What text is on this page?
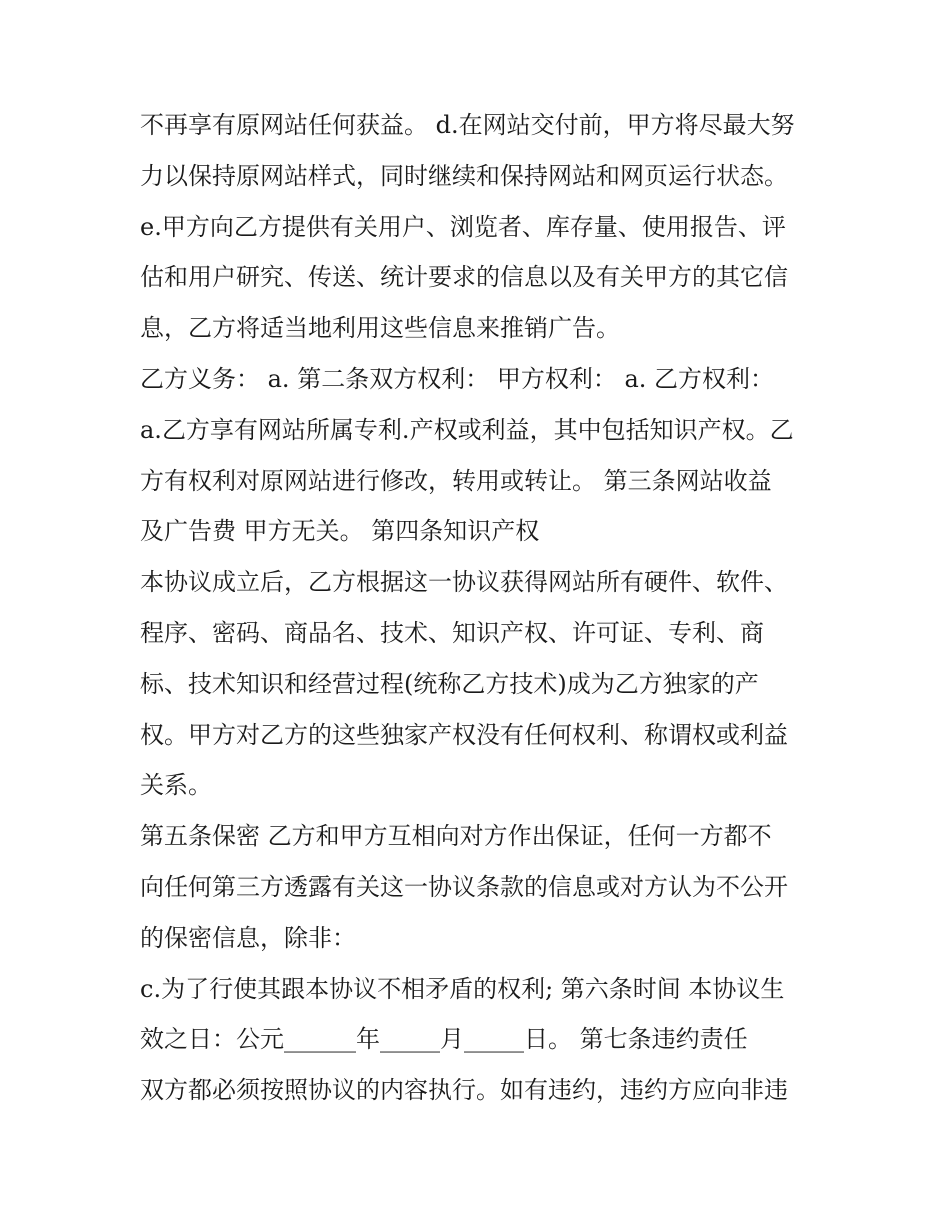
不再享有原网站任何获益。 d.在网站交付前，甲方将尽最大努
力以保持原网站样式，同时继续和保持网站和网页运行状态。
e.甲方向乙方提供有关用户、浏览者、库存量、使用报告、评
估和用户研究、传送、统计要求的信息以及有关甲方的其它信
息，乙方将适当地利用这些信息来推销广告。
乙方义务： a. 第二条双方权利： 甲方权利： a. 乙方权利：
a.乙方享有网站所属专利.产权或利益，其中包括知识产权。乙
方有权利对原网站进行修改，转用或转让。 第三条网站收益
及广告费 甲方无关。 第四条知识产权
本协议成立后，乙方根据这一协议获得网站所有硬件、软件、
程序、密码、商品名、技术、知识产权、许可证、专利、商
标、技术知识和经营过程(统称乙方技术)成为乙方独家的产
权。甲方对乙方的这些独家产权没有任何权利、称谓权或利益
关系。
第五条保密 乙方和甲方互相向对方作出保证，任何一方都不
向任何第三方透露有关这一协议条款的信息或对方认为不公开
的保密信息，除非：
c.为了行使其跟本协议不相矛盾的权利; 第六条时间 本协议生
效之日：公元______年_____月_____日。 第七条违约责任
双方都必须按照协议的内容执行。如有违约，违约方应向非违
